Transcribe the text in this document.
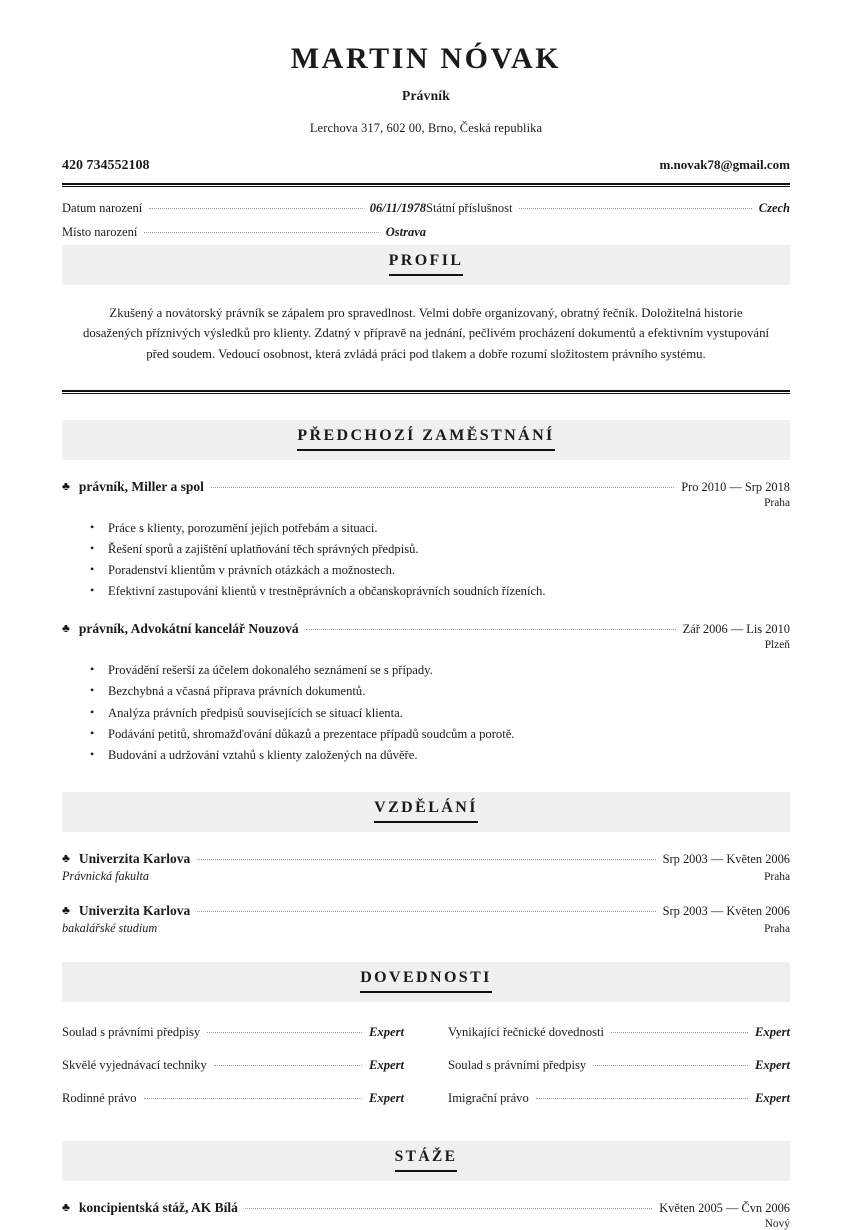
MARTIN NÓVAK
Právník
Lerchova 317, 602 00, Brno, Česká republika
420 734552108	m.novak78@gmail.com
Datum narození	06/11/1978 Státní příslušnost	Czech
Místo narození	Ostrava
PROFIL
Zkušený a novátorský právník se zápalem pro spravedlnost. Velmi dobře organizovaný, obratný řečník. Doložitelná historie dosažených příznivých výsledků pro klienty. Zdatný v přípravě na jednání, pečlivém procházení dokumentů a efektivním vystupování před soudem. Vedoucí osobnost, která zvládá práci pod tlakem a dobře rozumí složitostem právního systému.
PŘEDCHOZÍ ZAMĚSTNÁNÍ
♣ právník, Miller a spol	Pro 2010 — Srp 2018
Praha
• Práce s klienty, porozumění jejich potřebám a situaci.
• Řešení sporů a zajištění uplatňování těch správných předpisů.
• Poradenství klientům v právních otázkách a možnostech.
• Efektivní zastupování klientů v trestněprávních a občanskoprávních soudních řízeních.
♣ právník, Advokátní kancelář Nouzová	Zář 2006 — Lis 2010
Plzeň
• Provádění rešerší za účelem dokonalého seznámení se s případy.
• Bezchybná a včasná příprava právních dokumentů.
• Analýza právních předpisů souvisejících se situací klienta.
• Podávání petitů, shromažďování důkazů a prezentace případů soudcům a porotě.
• Budování a udržování vztahů s klienty založených na důvěře.
VZDĚLÁNÍ
♣ Univerzita Karlova	Srp 2003 — Květen 2006
Právnická fakulta	Praha
♣ Univerzita Karlova	Srp 2003 — Květen 2006
bakalářské studium	Praha
DOVEDNOSTI
Soulad s právními předpisy	Expert	Vynikající řečnické dovednosti	Expert
Skvělé vyjednávací techniky	Expert	Soulad s právními předpisy	Expert
Rodinné právo	Expert	Imigrační právo	Expert
STÁŽE
♣ koncipientská stáž, AK Bílá	Květen 2005 — Čvn 2006
Nový
